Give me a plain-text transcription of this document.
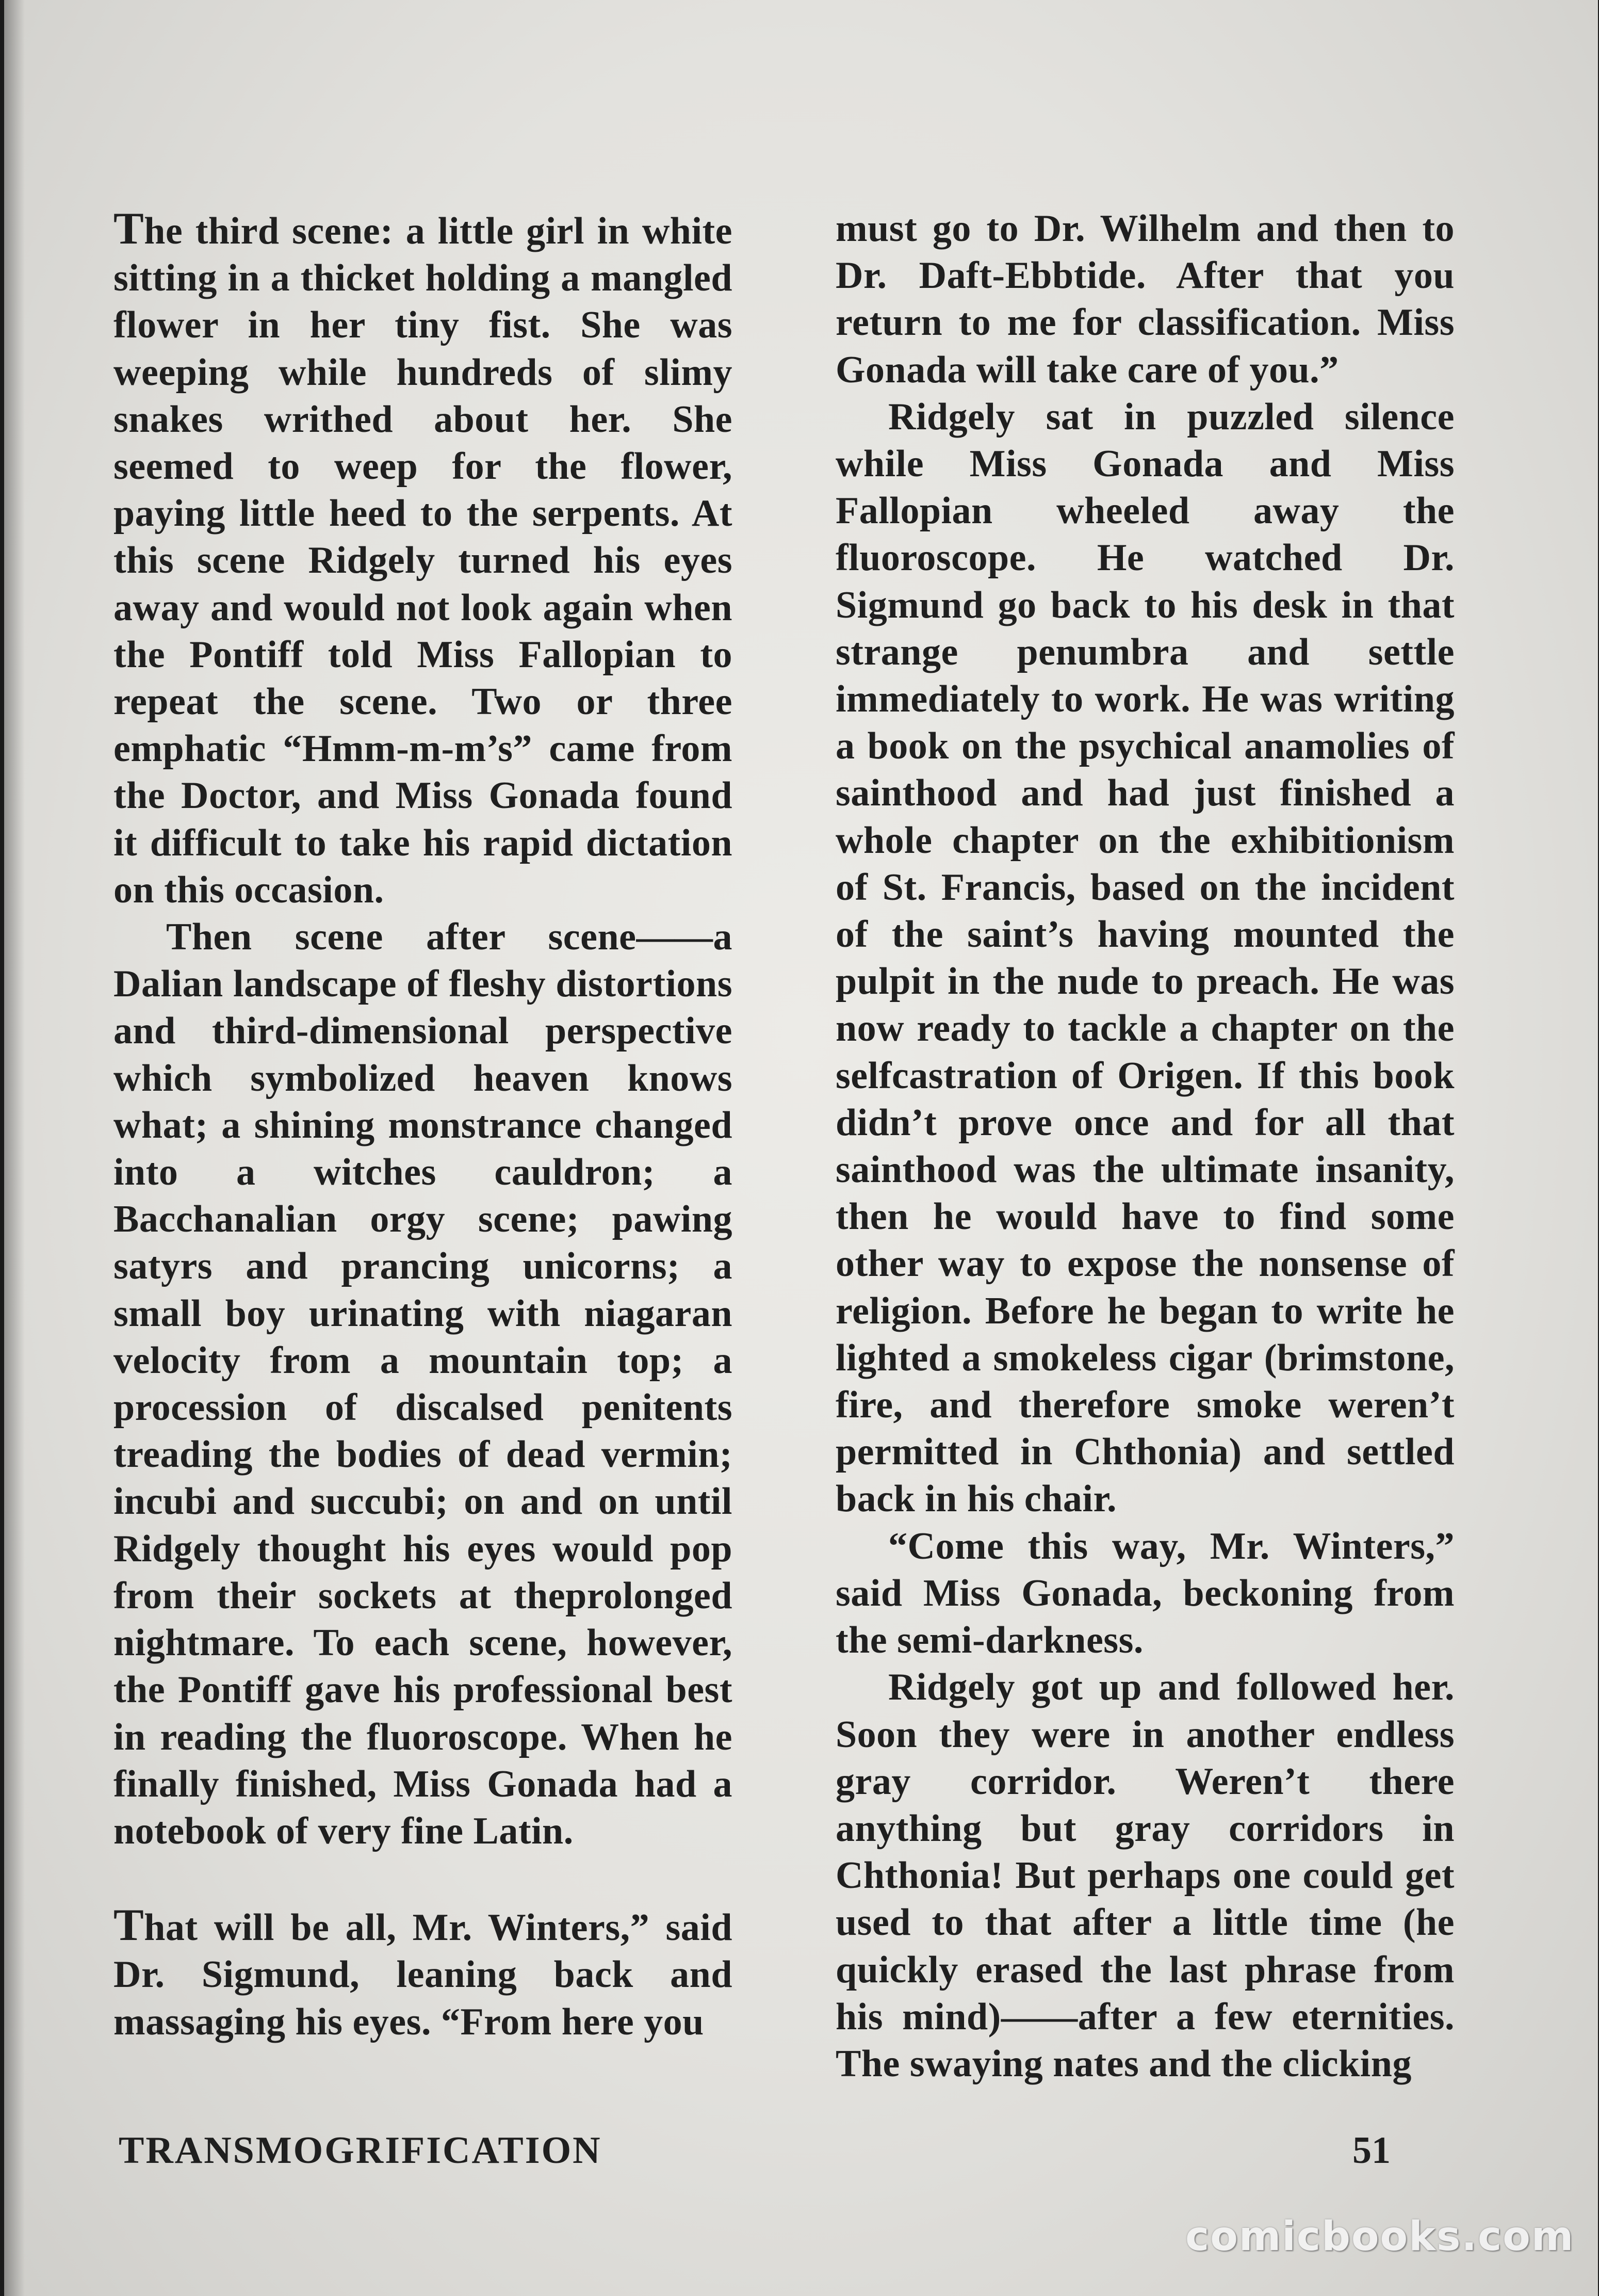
The third scene: a little girl in white sitting in a thicket holding a mangled flower in her tiny fist. She was weeping while hundreds of slimy snakes writhed about her. She seemed to weep for the flower, paying little heed to the serpents. At this scene Ridgely turned his eyes away and would not look again when the Pontiff told Miss Fallopian to repeat the scene. Two or three emphatic “Hmm-m-m’s” came from the Doctor, and Miss Gonada found it difficult to take his rapid dictation on this occasion.

Then scene after scene——a Dalian landscape of fleshy distortions and third-dimensional perspective which symbolized heaven knows what; a shining monstrance changed into a witches cauldron; a Bacchanalian orgy scene; pawing satyrs and prancing unicorns; a small boy urinating with niagaran velocity from a mountain top; a procession of discalsed penitents treading the bodies of dead vermin; incubi and succubi; on and on until Ridgely thought his eyes would pop from their sockets at theprolonged nightmare. To each scene, however, the Pontiff gave his professional best in reading the fluoroscope. When he finally finished, Miss Gonada had a notebook of very fine Latin.

That will be all, Mr. Winters,” said Dr. Sigmund, leaning back and massaging his eyes. “From here you

must go to Dr. Wilhelm and then to Dr. Daft-Ebbtide. After that you return to me for classification. Miss Gonada will take care of you.”

Ridgely sat in puzzled silence while Miss Gonada and Miss Fallopian wheeled away the fluoroscope. He watched Dr. Sigmund go back to his desk in that strange penumbra and settle immediately to work. He was writing a book on the psychical anamolies of sainthood and had just finished a whole chapter on the exhibitionism of St. Francis, based on the incident of the saint’s having mounted the pulpit in the nude to preach. He was now ready to tackle a chapter on the selfcastration of Origen. If this book didn’t prove once and for all that sainthood was the ultimate insanity, then he would have to find some other way to expose the nonsense of religion. Before he began to write he lighted a smokeless cigar (brimstone, fire, and therefore smoke weren’t permitted in Chthonia) and settled back in his chair.

“Come this way, Mr. Winters,” said Miss Gonada, beckoning from the semi-darkness.

Ridgely got up and followed her. Soon they were in another endless gray corridor. Weren’t there anything but gray corridors in Chthonia! But perhaps one could get used to that after a little time (he quickly erased the last phrase from his mind)——after a few eternities. The swaying nates and the clicking

TRANSMOGRIFICATION	51
comicbooks.com
